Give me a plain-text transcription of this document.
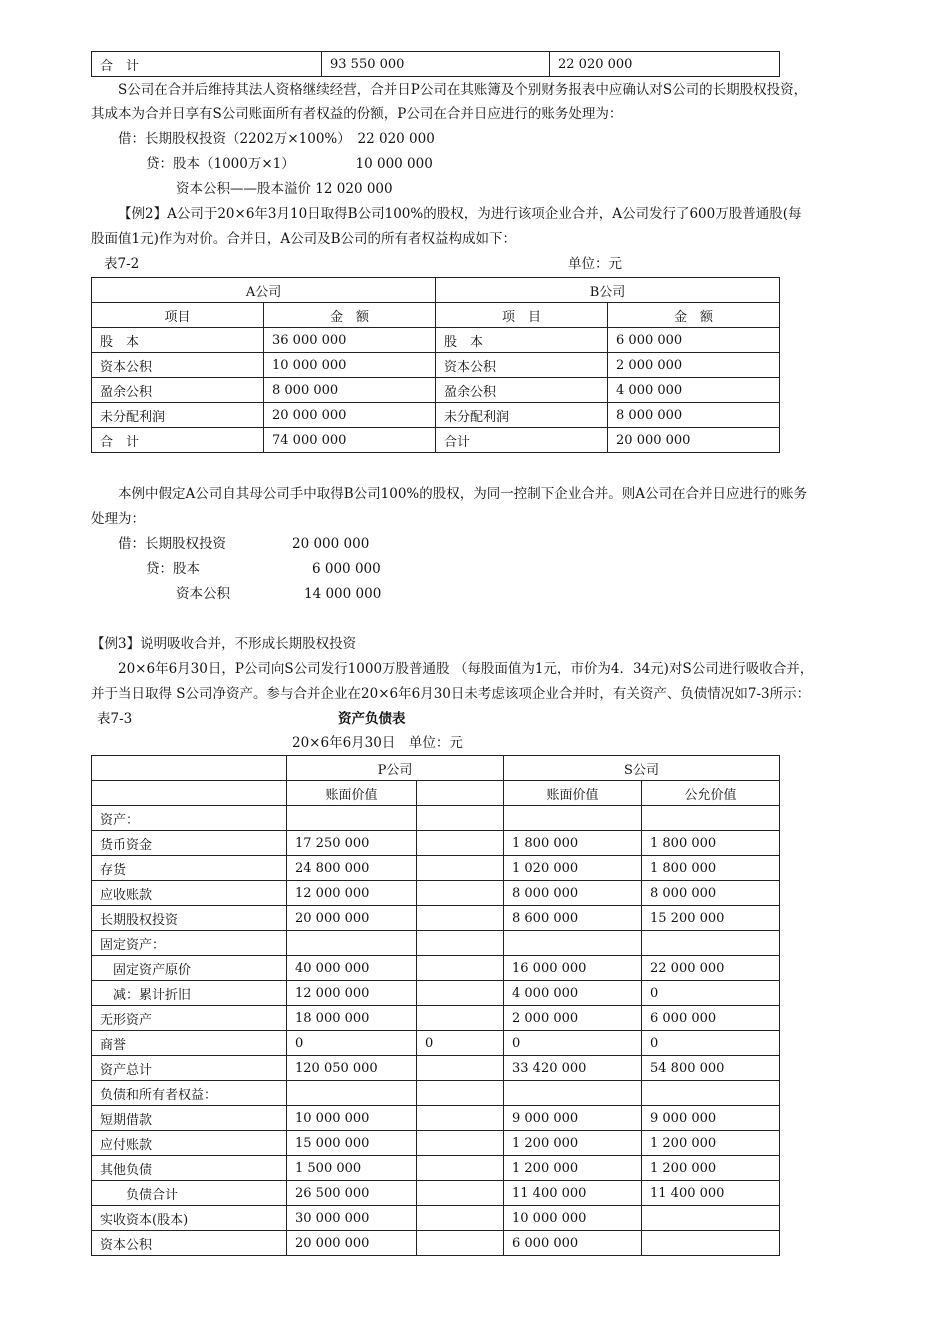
合　计	93 550 000	22 020 000
S公司在合并后维持其法人资格继续经营，合并日P公司在其账簿及个别财务报表中应确认对S公司的长期股权投资，
其成本为合并日享有S公司账面所有者权益的份额，P公司在合并日应进行的账务处理为：
借：长期股权投资（2202万×100%）　22 020 000
贷：股本（1000万×1）　　　　　10 000 000
资本公积——股本溢价 12 020 000
【例2】A公司于20×6年3月10日取得B公司100%的股权，为进行该项企业合并，A公司发行了600万股普通股(每
股面值1元)作为对价。合并日，A公司及B公司的所有者权益构成如下：
表7-2	单位：元
A公司		B公司	
项目	金　额	项　目	金　额
股　本	36 000 000	股　本	6 000 000
资本公积	10 000 000	资本公积	2 000 000
盈余公积	8 000 000	盈余公积	4 000 000
未分配利润	20 000 000	未分配利润	8 000 000
合　计	74 000 000	合计	20 000 000
本例中假定A公司自其母公司手中取得B公司100%的股权，为同一控制下企业合并。则A公司在合并日应进行的账务
处理为：
借：长期股权投资	20 000 000
贷：股本	6 000 000
资本公积	14 000 000
【例3】说明吸收合并，不形成长期股权投资
20×6年6月30日，P公司向S公司发行1000万股普通股 （每股面值为1元，市价为4．34元)对S公司进行吸收合并，
并于当日取得 S公司净资产。参与合并企业在20×6年6月30日未考虑该项企业合并时，有关资产、负债情况如7-3所示：
表7-3	资产负债表
20×6年6月30日　单位：元
	P公司		S公司	
	账面价值		账面价值	公允价值
资产：				
货币资金	17 250 000		1 800 000	1 800 000
存货	24 800 000		1 020 000	1 800 000
应收账款	12 000 000		8 000 000	8 000 000
长期股权投资	20 000 000		8 600 000	15 200 000
固定资产：				
　固定资产原价	40 000 000		16 000 000	22 000 000
　减：累计折旧	12 000 000		4 000 000	0
无形资产	18 000 000		2 000 000	6 000 000
商誉	0	0	0	0
资产总计	120 050 000		33 420 000	54 800 000
负债和所有者权益：				
短期借款	10 000 000		9 000 000	9 000 000
应付账款	15 000 000		1 200 000	1 200 000
其他负债	1 500 000		1 200 000	1 200 000
　　负债合计	26 500 000		11 400 000	11 400 000
实收资本(股本)	30 000 000		10 000 000	
资本公积	20 000 000		6 000 000	
